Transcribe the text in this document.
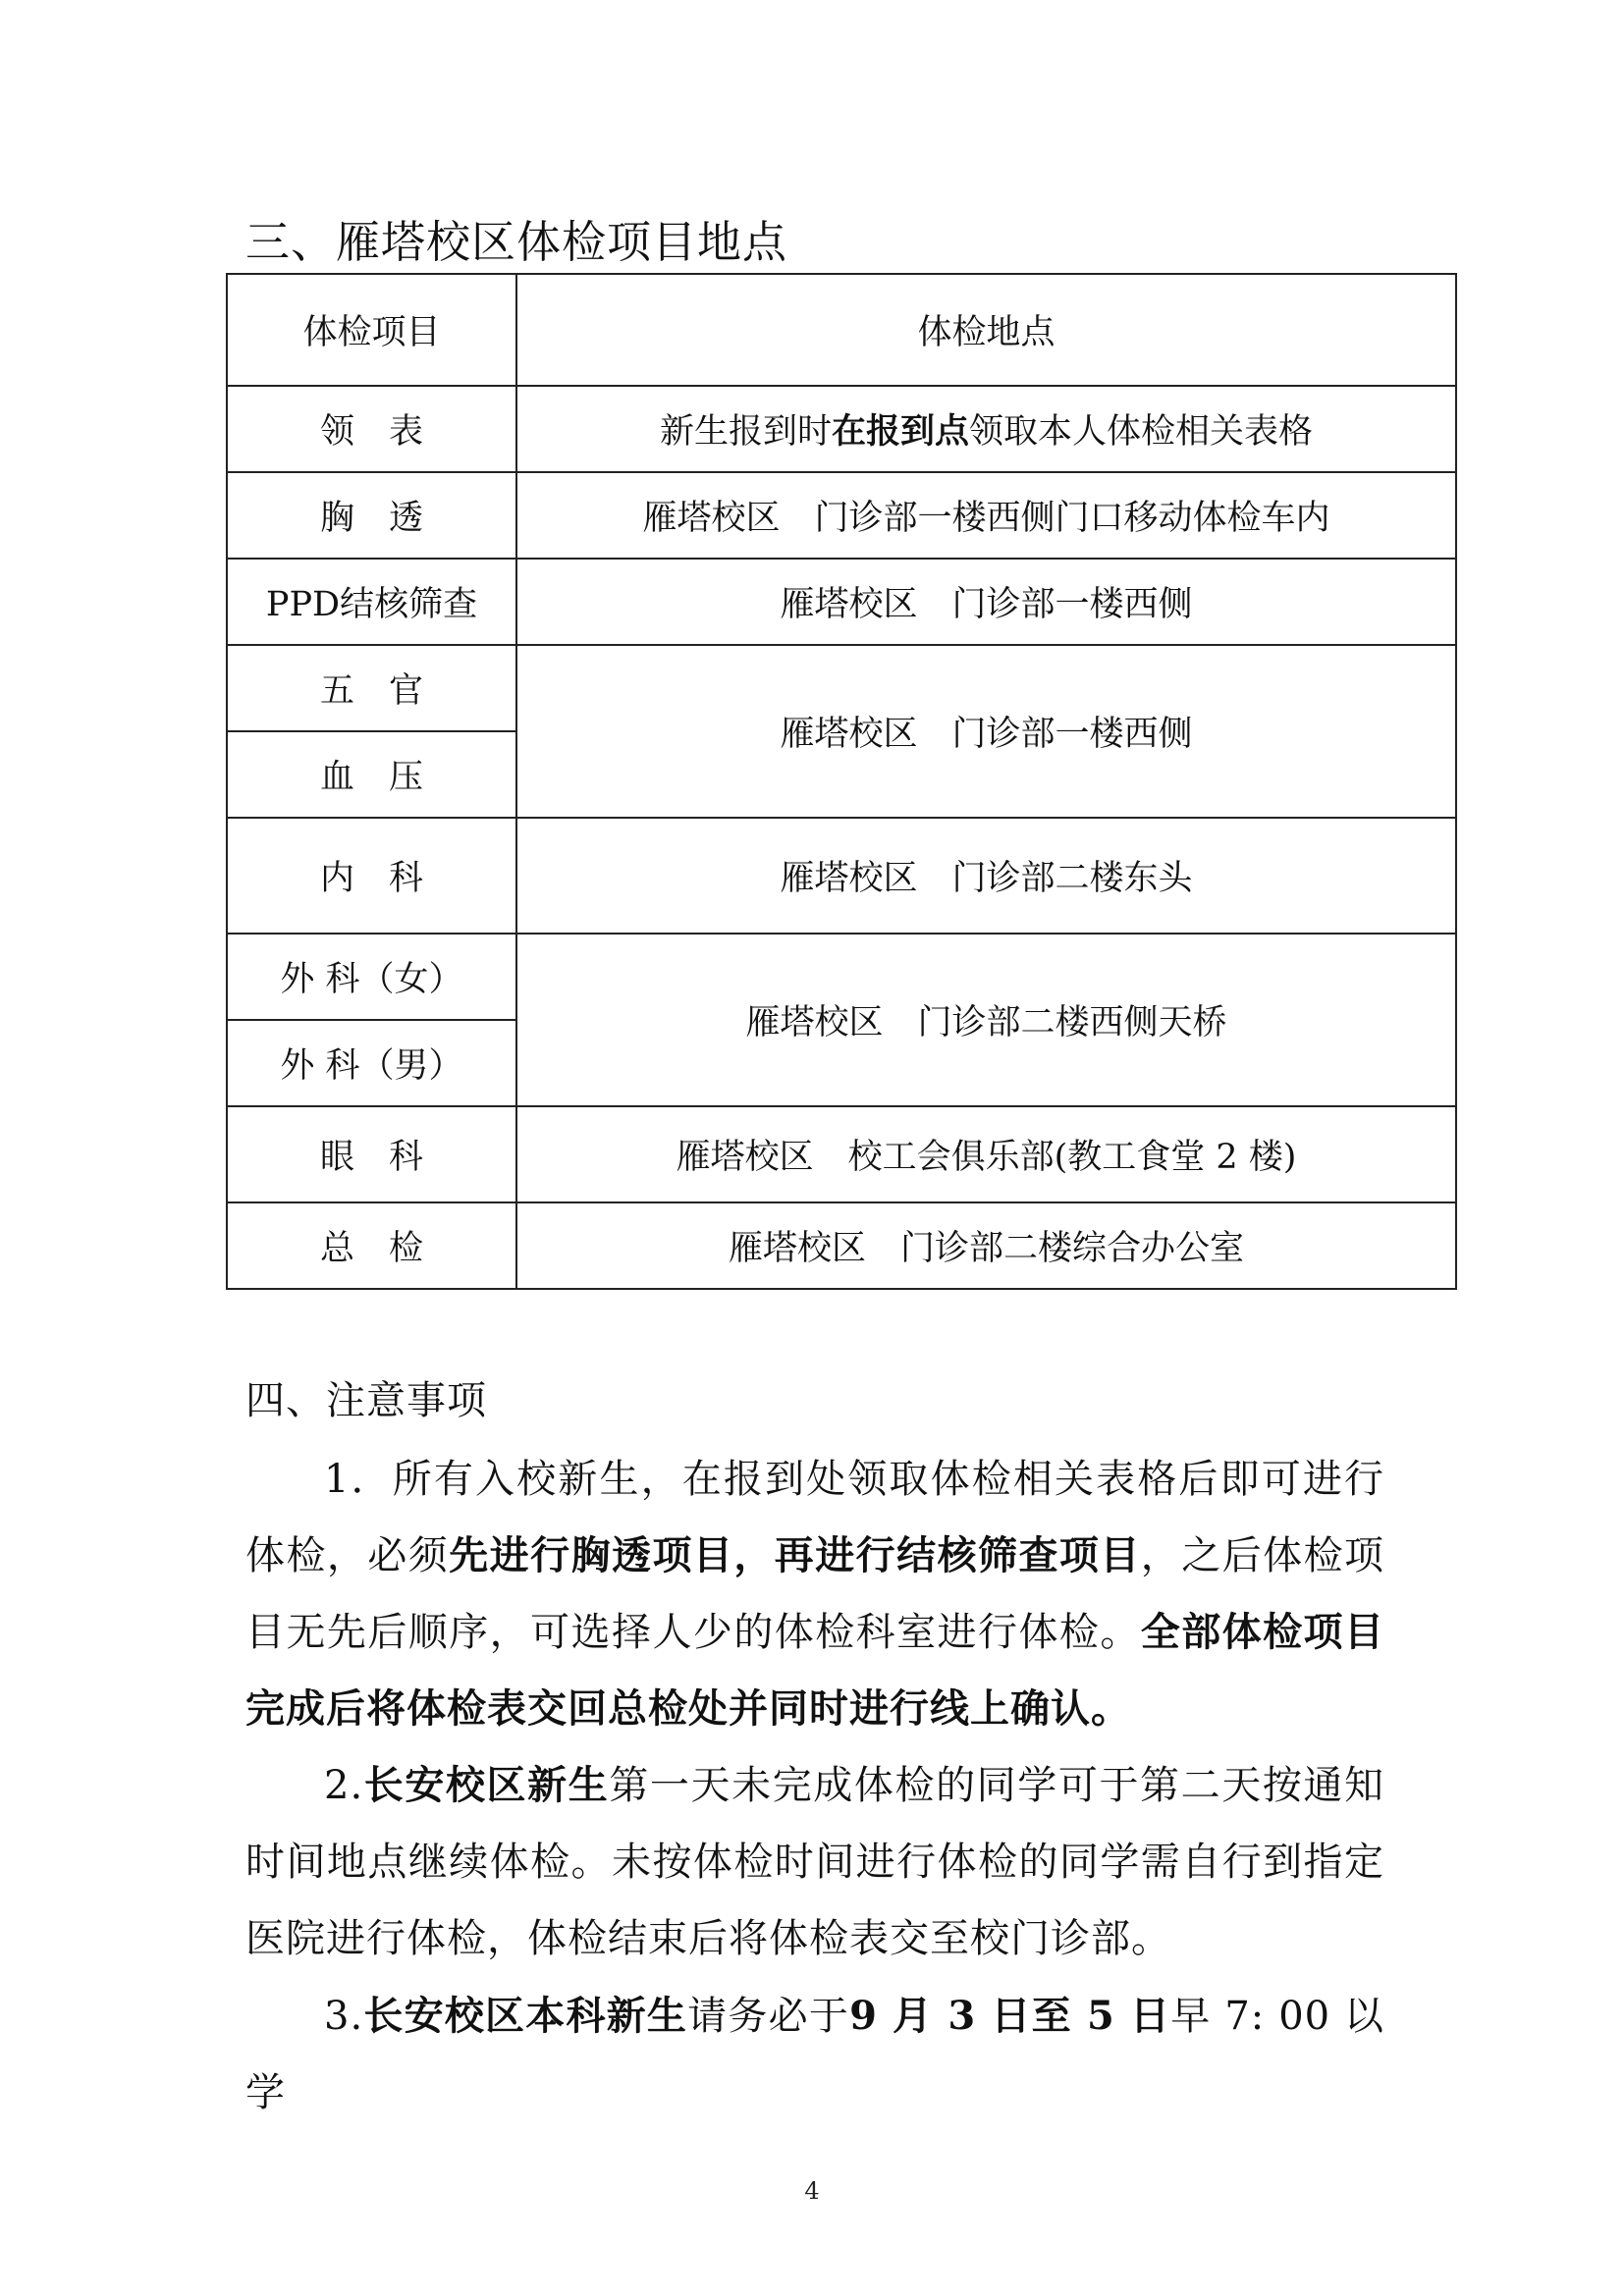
三、雁塔校区体检项目地点
体检项目	体检地点
领　表	新生报到时在报到点领取本人体检相关表格
胸　透	雁塔校区　门诊部一楼西侧门口移动体检车内
PPD结核筛查	雁塔校区　门诊部一楼西侧
五　官	雁塔校区　门诊部一楼西侧
血　压	
内　科	雁塔校区　门诊部二楼东头
外 科（女）	雁塔校区　门诊部二楼西侧天桥
外 科（男）	
眼　科	雁塔校区　校工会俱乐部(教工食堂 2 楼)
总　检	雁塔校区　门诊部二楼综合办公室
四、注意事项
1．所有入校新生，在报到处领取体检相关表格后即可进行体检，必须先进行胸透项目，再进行结核筛查项目，之后体检项目无先后顺序，可选择人少的体检科室进行体检。全部体检项目完成后将体检表交回总检处并同时进行线上确认。
2.长安校区新生第一天未完成体检的同学可于第二天按通知时间地点继续体检。未按体检时间进行体检的同学需自行到指定医院进行体检，体检结束后将体检表交至校门诊部。
3.长安校区本科新生请务必于9 月 3 日至 5 日早 7: 00 以学
4
